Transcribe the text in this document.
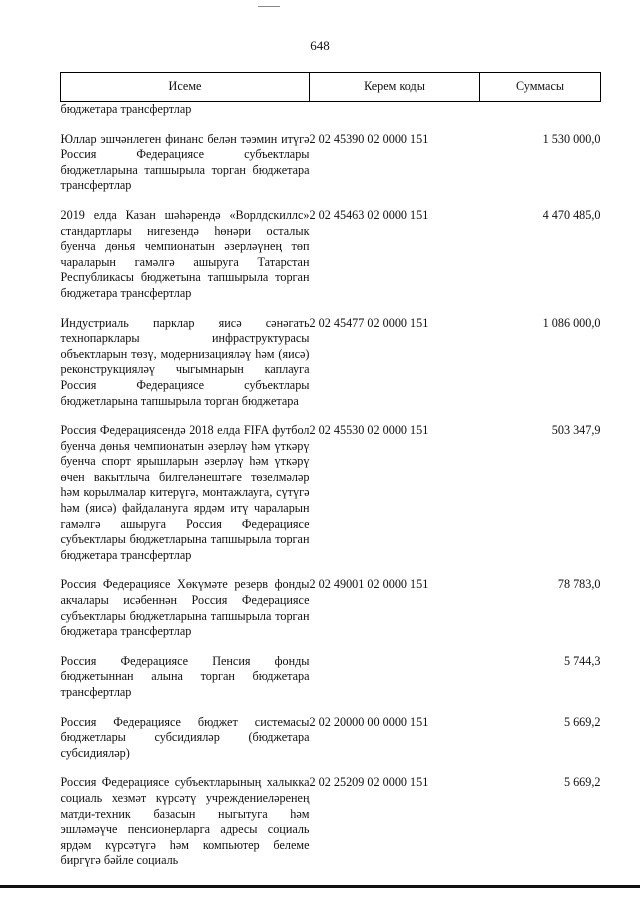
648
Исеме	Керем коды	Суммасы
бюджетара трансфертлар		
Юллар эшчәнлеген финанс белән тәэмин итүгә Россия Федерациясе субъектлары бюджетларына тапшырыла торган бюджетара трансфертлар	2 02 45390 02 0000 151	1 530 000,0
2019 елда Казан шәһәрендә «Ворлдскиллс» стандартлары нигезендә һөнәри осталык буенча дөнья чемпионатын әзерләүнең төп чараларын гамәлгә ашыруга Татарстан Республикасы бюджетына тапшырыла торган бюджетара трансфертлар	2 02 45463 02 0000 151	4 470 485,0
Индустриаль парклар яисә сәнәгать технопарклары инфраструктурасы объектларын төзү, модернизацияләү һәм (яисә) реконструкцияләү чыгымнарын каплауга Россия Федерациясе субъектлары бюджетларына тапшырыла торган бюджетара	2 02 45477 02 0000 151	1 086 000,0
Россия Федерациясендә 2018 елда FIFA футбол буенча дөнья чемпионатын әзерләү һәм үткәрү буенча спорт ярышларын әзерләү һәм үткәрү өчен вакытлыча билгеләнештәге төзелмәләр һәм корылмалар китерүгә, монтажлауга, сүтүгә һәм (яисә) файдалануга ярдәм итү чараларын гамәлгә ашыруга Россия Федерациясе субъектлары бюджетларына тапшырыла торган бюджетара трансфертлар	2 02 45530 02 0000 151	503 347,9
Россия Федерациясе Хөкүмәте резерв фонды акчалары исәбеннән Россия Федерациясе субъектлары бюджетларына тапшырыла торган бюджетара трансфертлар	2 02 49001 02 0000 151	78 783,0
Россия Федерациясе Пенсия фонды бюджетыннан алына торган бюджетара трансфертлар		5 744,3
Россия Федерациясе бюджет системасы бюджетлары субсидияләр (бюджетара субсидияләр)	2 02 20000 00 0000 151	5 669,2
Россия Федерациясе субъектларының халыкка социаль хезмәт күрсәтү учреждениеләренең матди-техник базасын ныгытуга һәм эшләмәүче пенсионерларга адресы социаль ярдәм күрсәтүгә һәм компьютер белеме биргүгә бәйле социаль	2 02 25209 02 0000 151	5 669,2
